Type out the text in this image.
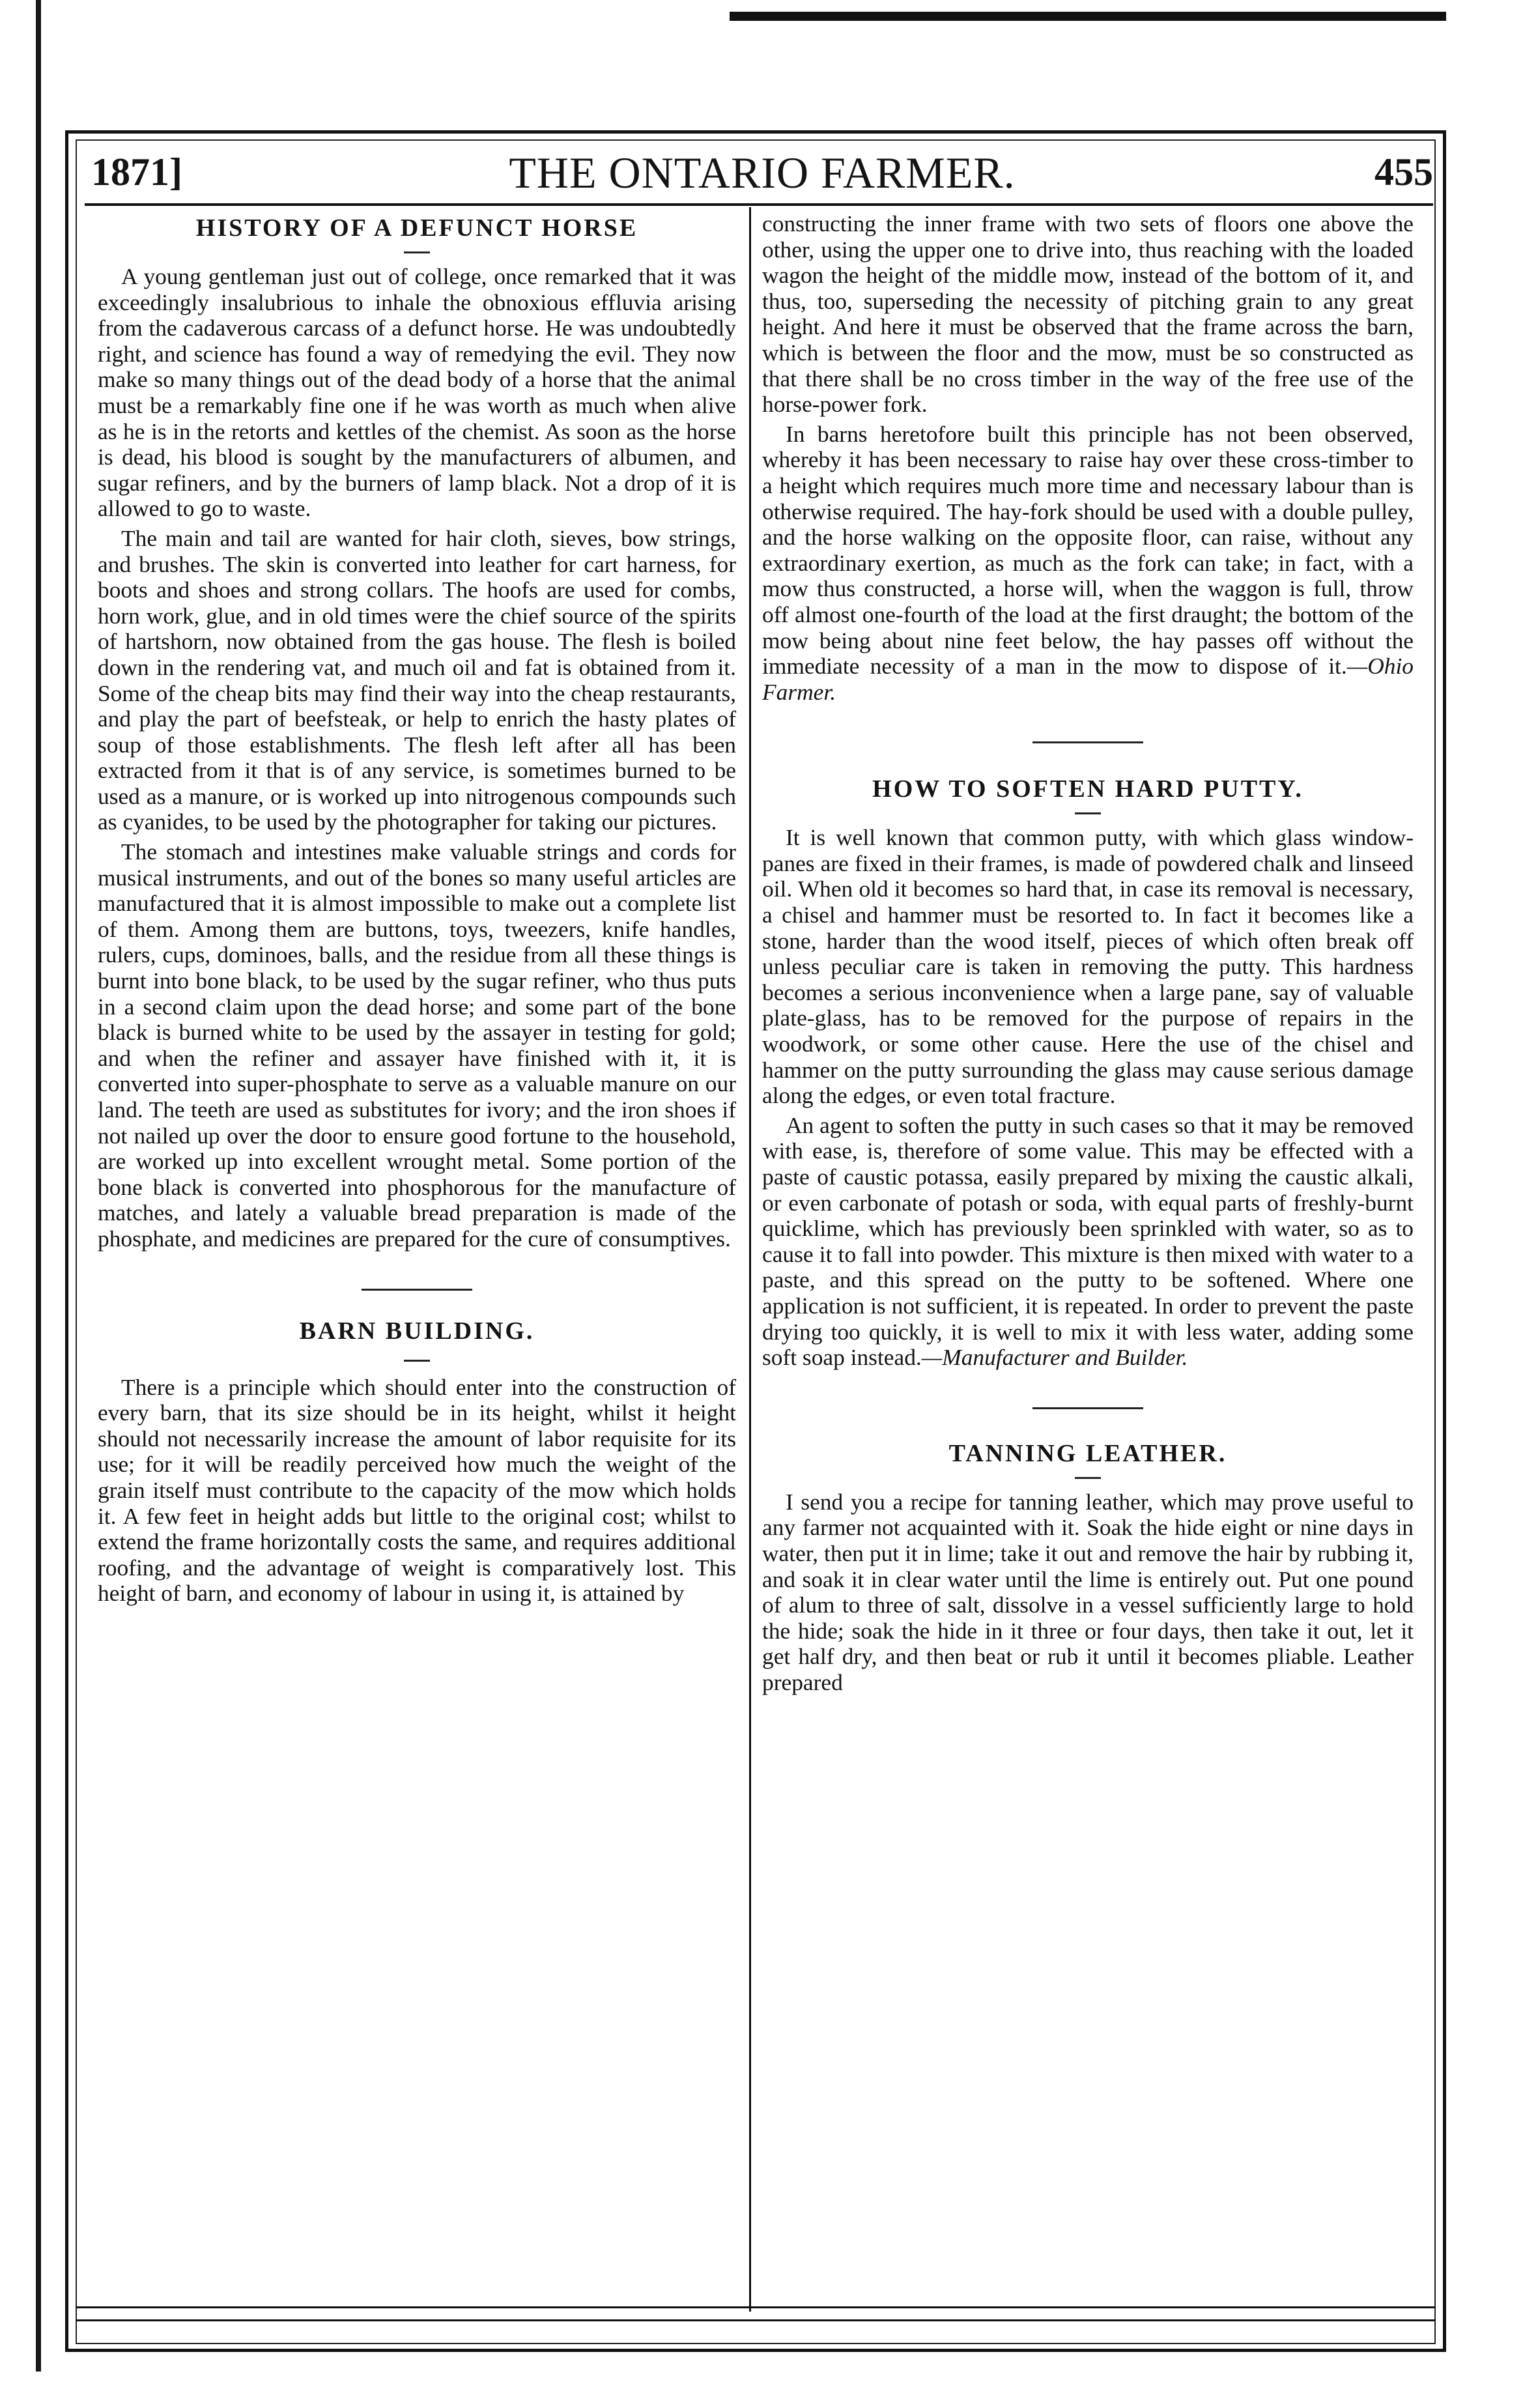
1871]	THE ONTARIO FARMER.	455
HISTORY OF A DEFUNCT HORSE

A young gentleman just out of college, once remarked that it was exceedingly insalubrious to inhale the obnoxious effluvia arising from the cadaverous carcass of a defunct horse. He was undoubtedly right, and science has found a way of remedying the evil. They now make so many things out of the dead body of a horse that the animal must be a remarkably fine one if he was worth as much when alive as he is in the retorts and kettles of the chemist. As soon as the horse is dead, his blood is sought by the manufacturers of albumen, and sugar refiners, and by the burners of lamp black. Not a drop of it is allowed to go to waste.

The main and tail are wanted for hair cloth, sieves, bow strings, and brushes. The skin is converted into leather for cart harness, for boots and shoes and strong collars. The hoofs are used for combs, horn work, glue, and in old times were the chief source of the spirits of hartshorn, now obtained from the gas house. The flesh is boiled down in the rendering vat, and much oil and fat is obtained from it. Some of the cheap bits may find their way into the cheap restaurants, and play the part of beefsteak, or help to enrich the hasty plates of soup of those establishments. The flesh left after all has been extracted from it that is of any service, is sometimes burned to be used as a manure, or is worked up into nitrogenous compounds such as cyanides, to be used by the photographer for taking our pictures.

The stomach and intestines make valuable strings and cords for musical instruments, and out of the bones so many useful articles are manufactured that it is almost impossible to make out a complete list of them. Among them are buttons, toys, tweezers, knife handles, rulers, cups, dominoes, balls, and the residue from all these things is burnt into bone black, to be used by the sugar refiner, who thus puts in a second claim upon the dead horse; and some part of the bone black is burned white to be used by the assayer in testing for gold; and when the refiner and assayer have finished with it, it is converted into super-phosphate to serve as a valuable manure on our land. The teeth are used as substitutes for ivory; and the iron shoes if not nailed up over the door to ensure good fortune to the household, are worked up into excellent wrought metal. Some portion of the bone black is converted into phosphorous for the manufacture of matches, and lately a valuable bread preparation is made of the phosphate, and medicines are prepared for the cure of consumptives.

BARN BUILDING.

There is a principle which should enter into the construction of every barn, that its size should be in its height, whilst it height should not necessarily increase the amount of labor requisite for its use; for it will be readily perceived how much the weight of the grain itself must contribute to the capacity of the mow which holds it. A few feet in height adds but little to the original cost; whilst to extend the frame horizontally costs the same, and requires additional roofing, and the advantage of weight is comparatively lost. This height of barn, and economy of labour in using it, is attained by

constructing the inner frame with two sets of floors one above the other, using the upper one to drive into, thus reaching with the loaded wagon the height of the middle mow, instead of the bottom of it, and thus, too, superseding the necessity of pitching grain to any great height. And here it must be observed that the frame across the barn, which is between the floor and the mow, must be so constructed as that there shall be no cross timber in the way of the free use of the horse-power fork.

In barns heretofore built this principle has not been observed, whereby it has been necessary to raise hay over these cross-timber to a height which requires much more time and necessary labour than is otherwise required. The hay-fork should be used with a double pulley, and the horse walking on the opposite floor, can raise, without any extraordinary exertion, as much as the fork can take; in fact, with a mow thus constructed, a horse will, when the waggon is full, throw off almost one-fourth of the load at the first draught; the bottom of the mow being about nine feet below, the hay passes off without the immediate necessity of a man in the mow to dispose of it.—Ohio Farmer.

HOW TO SOFTEN HARD PUTTY.

It is well known that common putty, with which glass window-panes are fixed in their frames, is made of powdered chalk and linseed oil. When old it becomes so hard that, in case its removal is necessary, a chisel and hammer must be resorted to. In fact it becomes like a stone, harder than the wood itself, pieces of which often break off unless peculiar care is taken in removing the putty. This hardness becomes a serious inconvenience when a large pane, say of valuable plate-glass, has to be removed for the purpose of repairs in the woodwork, or some other cause. Here the use of the chisel and hammer on the putty surrounding the glass may cause serious damage along the edges, or even total fracture.

An agent to soften the putty in such cases so that it may be removed with ease, is, therefore of some value. This may be effected with a paste of caustic potassa, easily prepared by mixing the caustic alkali, or even carbonate of potash or soda, with equal parts of freshly-burnt quicklime, which has previously been sprinkled with water, so as to cause it to fall into powder. This mixture is then mixed with water to a paste, and this spread on the putty to be softened. Where one application is not sufficient, it is repeated. In order to prevent the paste drying too quickly, it is well to mix it with less water, adding some soft soap instead.—Manufacturer and Builder.

TANNING LEATHER.

I send you a recipe for tanning leather, which may prove useful to any farmer not acquainted with it. Soak the hide eight or nine days in water, then put it in lime; take it out and remove the hair by rubbing it, and soak it in clear water until the lime is entirely out. Put one pound of alum to three of salt, dissolve in a vessel sufficiently large to hold the hide; soak the hide in it three or four days, then take it out, let it get half dry, and then beat or rub it until it becomes pliable. Leather prepared
